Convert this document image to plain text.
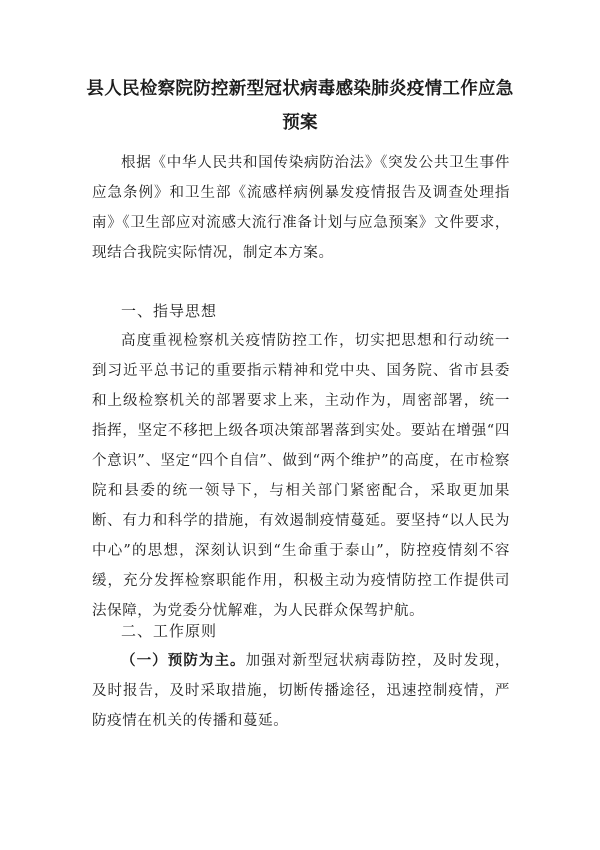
县人民检察院防控新型冠状病毒感染肺炎疫情工作应急预案

根据《中华人民共和国传染病防治法》《突发公共卫生事件应急条例》和卫生部《流感样病例暴发疫情报告及调查处理指南》《卫生部应对流感大流行准备计划与应急预案》文件要求，现结合我院实际情况，制定本方案。

一、指导思想

高度重视检察机关疫情防控工作，切实把思想和行动统一到习近平总书记的重要指示精神和党中央、国务院、省市县委和上级检察机关的部署要求上来，主动作为，周密部署，统一指挥，坚定不移把上级各项决策部署落到实处。要站在增强“四个意识”、坚定“四个自信”、做到“两个维护”的高度，在市检察院和县委的统一领导下，与相关部门紧密配合，采取更加果断、有力和科学的措施，有效遏制疫情蔓延。要坚持“以人民为中心”的思想，深刻认识到“生命重于泰山”，防控疫情刻不容缓，充分发挥检察职能作用，积极主动为疫情防控工作提供司法保障，为党委分忧解难，为人民群众保驾护航。

二、工作原则

（一）预防为主。加强对新型冠状病毒防控，及时发现，及时报告，及时采取措施，切断传播途径，迅速控制疫情，严防疫情在机关的传播和蔓延。
